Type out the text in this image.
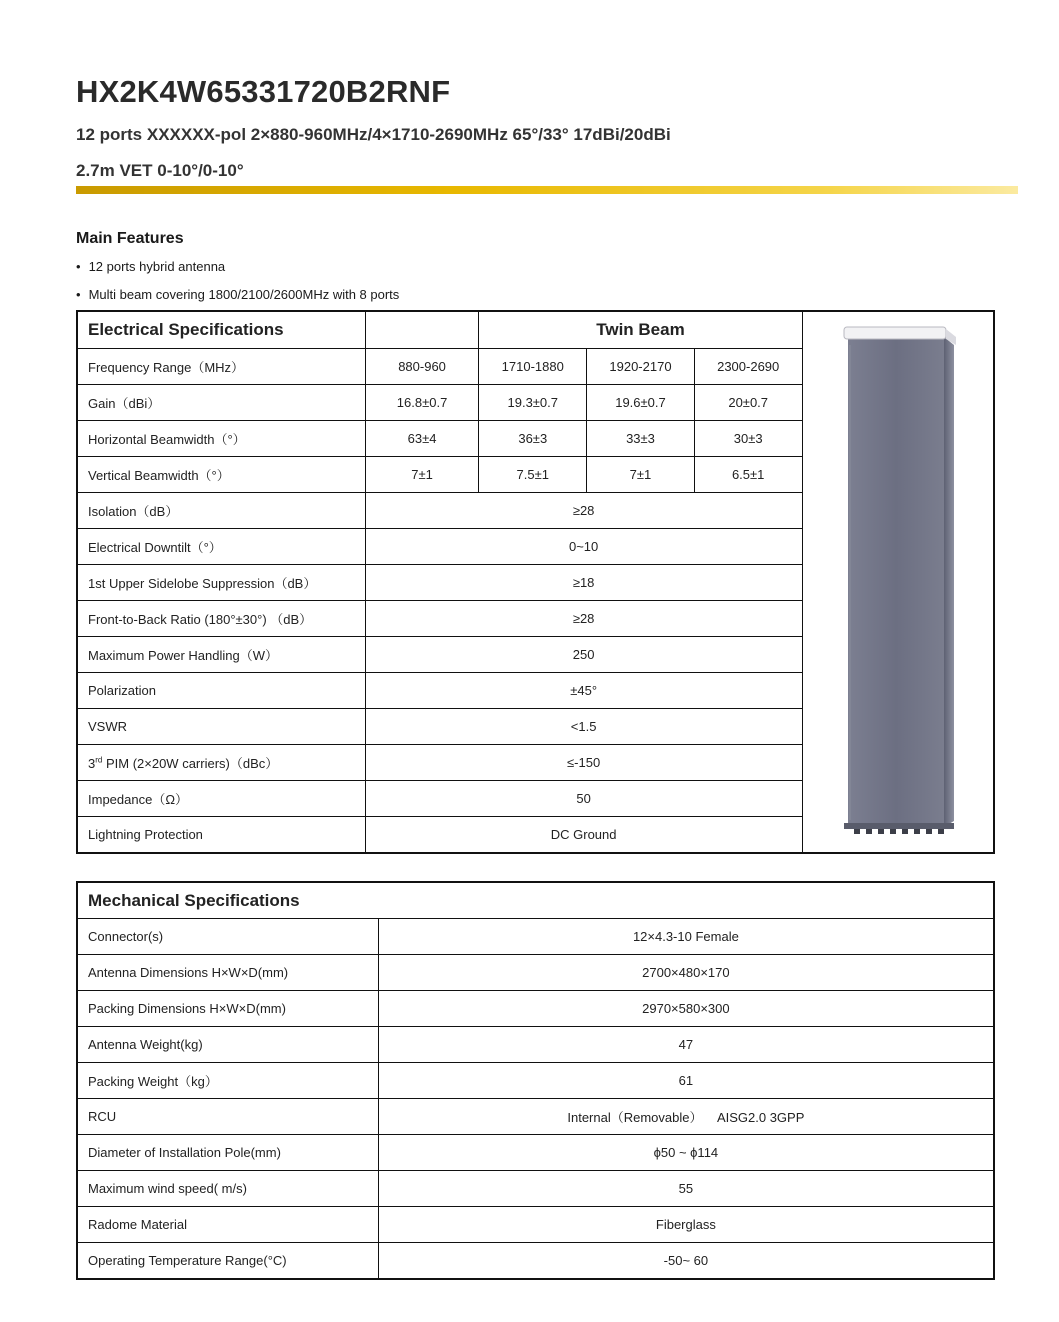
HX2K4W65331720B2RNF
12 ports XXXXXX-pol 2×880-960MHz/4×1710-2690MHz 65°/33° 17dBi/20dBi
2.7m VET 0-10°/0-10°
Main Features
• 12 ports hybrid antenna
• Multi beam covering 1800/2100/2600MHz with 8 ports
Electrical Specifications		Twin Beam	
Frequency Range（MHz）	880-960	1710-1880	1920-2170	2300-2690	
Gain（dBi）	16.8±0.7	19.3±0.7	19.6±0.7	20±0.7	
Horizontal Beamwidth（°）	63±4	36±3	33±3	30±3	
Vertical Beamwidth（°）	7±1	7.5±1	7±1	6.5±1	
Isolation（dB）	≥28				
Electrical Downtilt（°）	0~10				
1st Upper Sidelobe Suppression（dB）	≥18				
Front-to-Back Ratio (180°±30°) （dB）	≥28				
Maximum Power Handling（W）	250				
Polarization	±45°				
VSWR	<1.5				
3rd PIM (2×20W carriers)（dBc）	≤-150				
Impedance（Ω）	50				
Lightning Protection	DC Ground				
Mechanical Specifications	
Connector(s)	12×4.3-10 Female
Antenna Dimensions H×W×D(mm)	2700×480×170
Packing Dimensions H×W×D(mm)	2970×580×300
Antenna Weight(kg)	47
Packing Weight（kg）	61
RCU	Internal（Removable）    AISG2.0 3GPP
Diameter of Installation Pole(mm)	ϕ50 ~ ϕ114
Maximum wind speed( m/s)	55
Radome Material	Fiberglass
Operating Temperature Range(°C)	-50~ 60
